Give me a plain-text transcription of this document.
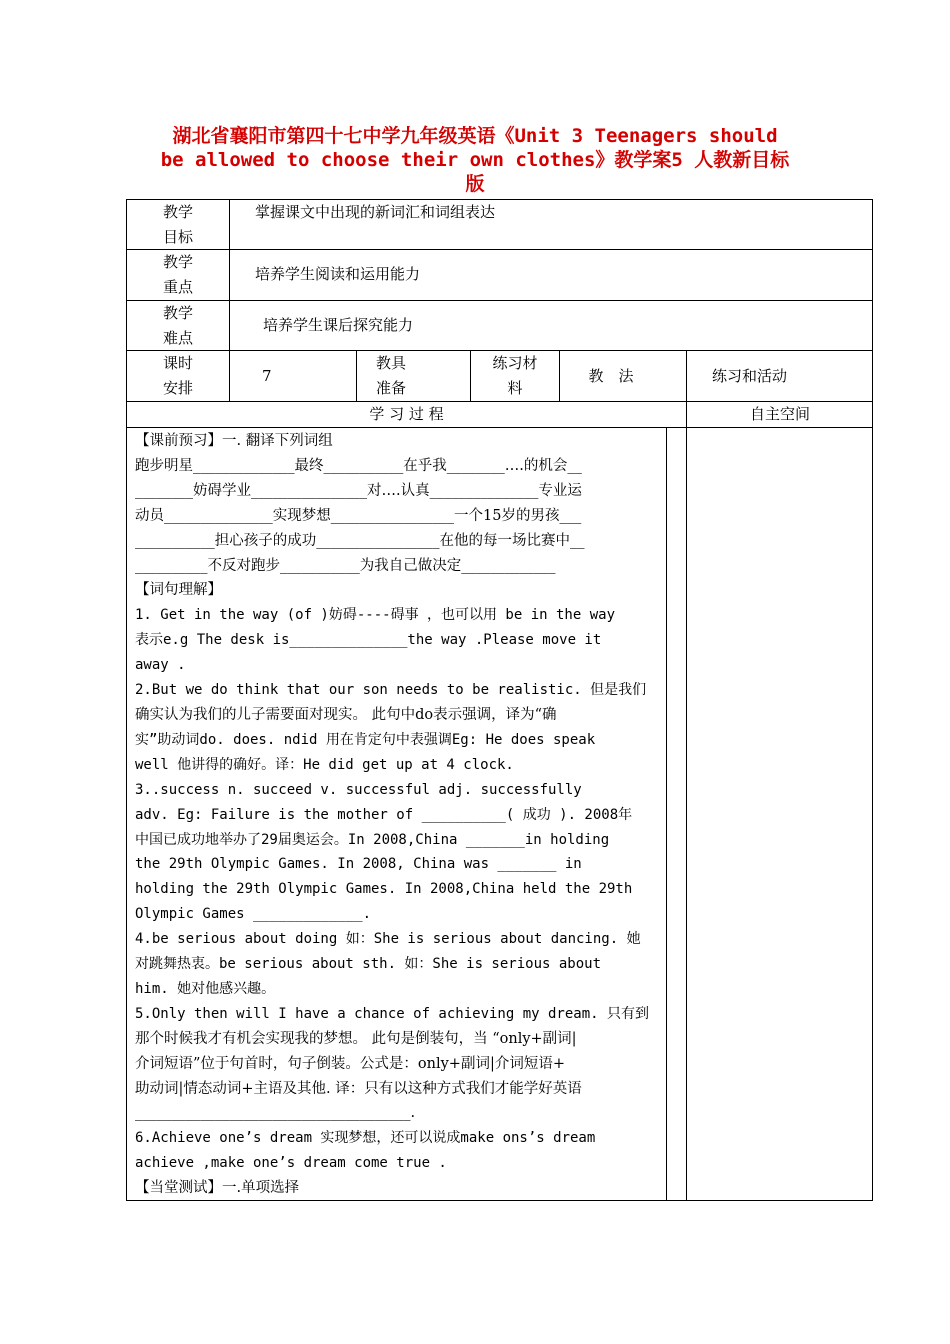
湖北省襄阳市第四十七中学九年级英语《Unit 3 Teenagers should
be allowed to choose their own clothes》教学案5 人教新目标
版
教学
目标
掌握课文中出现的新词汇和词组表达
教学
重点
培养学生阅读和运用能力
教学
难点
培养学生课后探究能力
课时
安排
7
教具
准备
练习材
料
教　法	练习和活动
学 习 过 程	自主空间

【课前预习】一. 翻译下列词组

跑步明星______________最终___________在乎我________….的机会__

________妨碍学业________________对….认真_______________专业运

动员_______________实现梦想_________________一个15岁的男孩___

___________担心孩子的成功_________________在他的每一场比赛中__

__________不反对跑步___________为我自己做决定_____________

【词句理解】

1. Get in the way (of )妨碍----碍事 ，也可以用 be in the way

表示e.g The desk is______________the way .Please move it

away .

2.But we do think that our son needs to be realistic. 但是我们

确实认为我们的儿子需要面对现实。 此句中do表示强调，译为“确

实”助动词do. does. ndid 用在肯定句中表强调Eg: He does speak

well 他讲得的确好。译：He did get up at 4 clock.

3..success n. succeed v. successful adj. successfully

adv. Eg: Failure is the mother of __________( 成功 ). 2008年

中国已成功地举办了29届奥运会。In 2008,China _______in holding

the 29th Olympic Games. In 2008, China was _______ in

holding the 29th Olympic Games. In 2008,China held the 29th

Olympic Games _____________.

4.be serious about doing 如：She is serious about dancing. 她

对跳舞热衷。be serious about sth. 如：She is serious about

him. 她对他感兴趣。

5.Only then will I have a chance of achieving my dream. 只有到

那个时候我才有机会实现我的梦想。 此句是倒装句，当 “only+副词|

介词短语”位于句首时，句子倒装。公式是：only+副词|介词短语+

助动词|情态动词+主语及其他. 译：只有以这种方式我们才能学好英语

______________________________________.

6.Achieve one’s dream 实现梦想，还可以说成make ons’s dream

achieve ,make one’s dream come true .

【当堂测试】一.单项选择
